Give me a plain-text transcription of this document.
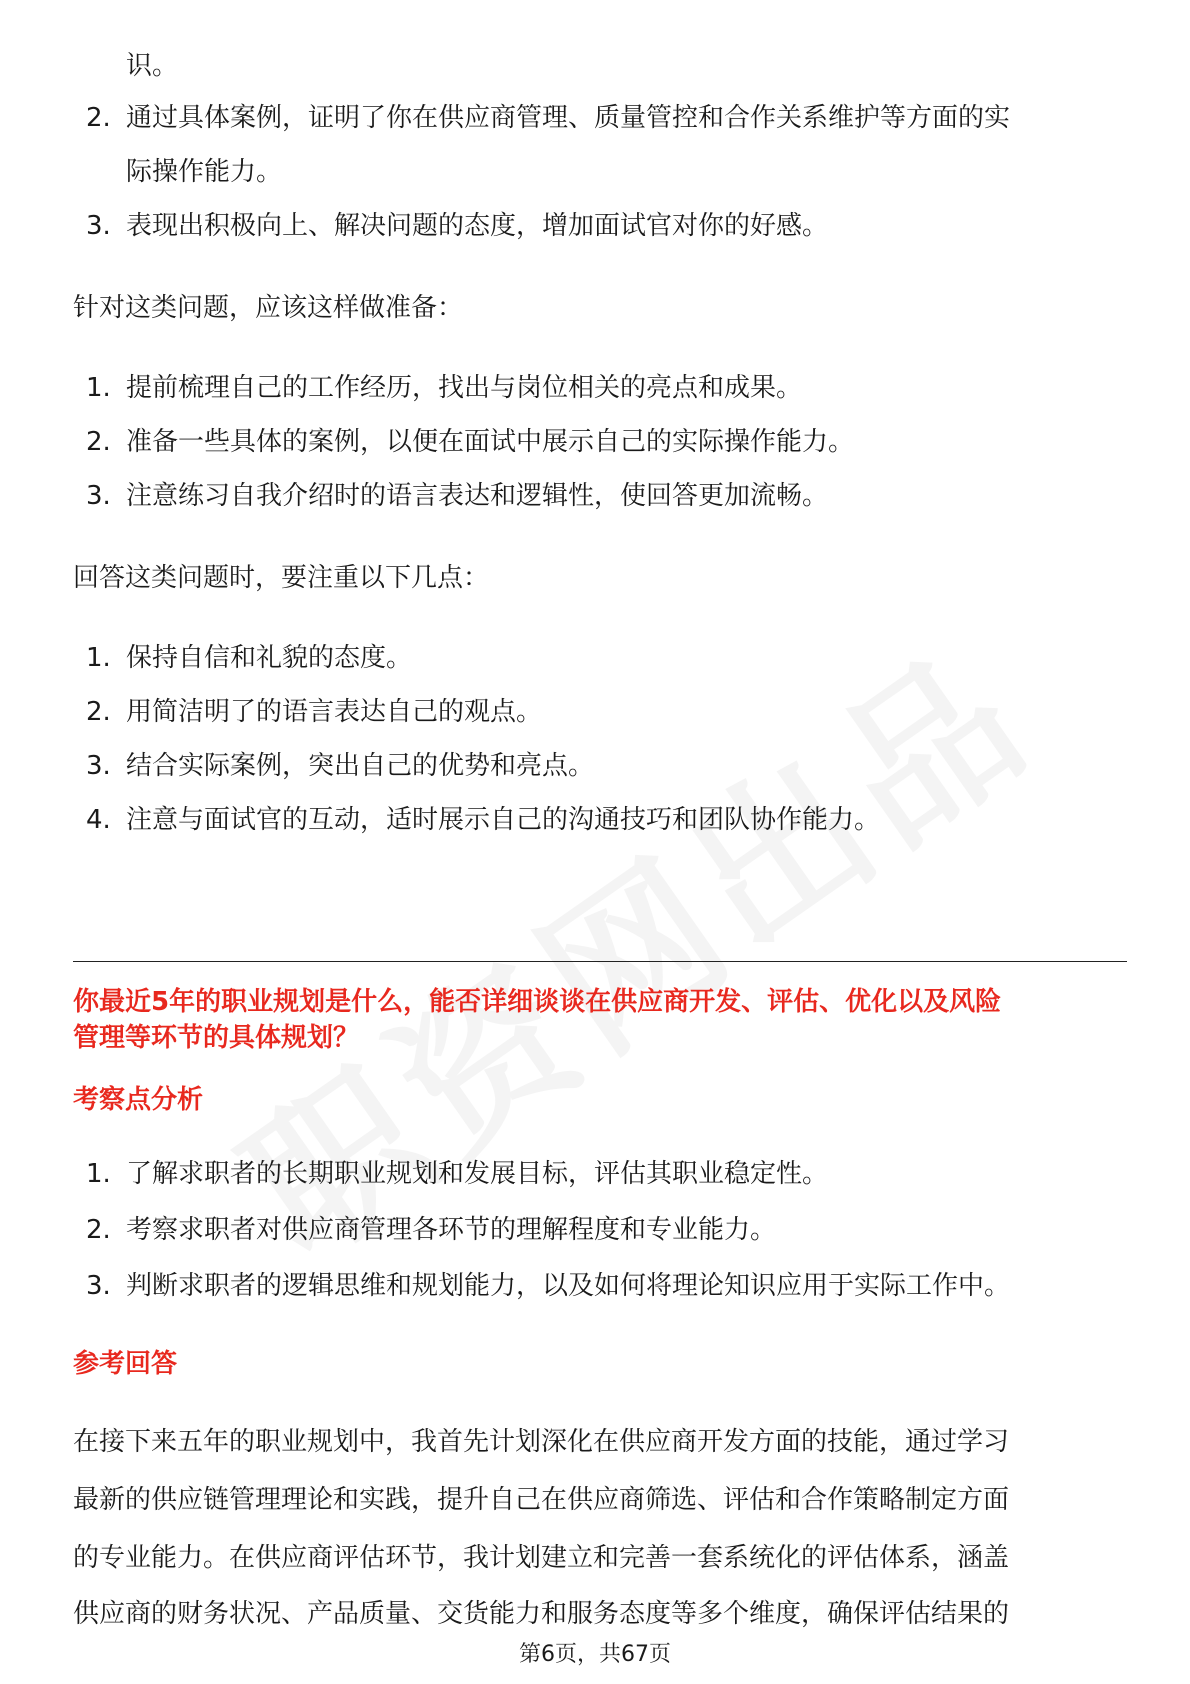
识。
2. 通过具体案例，证明了你在供应商管理、质量管控和合作关系维护等方面的实
际操作能力。
3. 表现出积极向上、解决问题的态度，增加面试官对你的好感。
针对这类问题，应该这样做准备：
1. 提前梳理自己的工作经历，找出与岗位相关的亮点和成果。
2. 准备一些具体的案例，以便在面试中展示自己的实际操作能力。
3. 注意练习自我介绍时的语言表达和逻辑性，使回答更加流畅。
回答这类问题时，要注重以下几点：
1. 保持自信和礼貌的态度。
2. 用简洁明了的语言表达自己的观点。
3. 结合实际案例，突出自己的优势和亮点。
4. 注意与面试官的互动，适时展示自己的沟通技巧和团队协作能力。
你最近5年的职业规划是什么，能否详细谈谈在供应商开发、评估、优化以及风险
管理等环节的具体规划？
考察点分析
1. 了解求职者的长期职业规划和发展目标，评估其职业稳定性。
2. 考察求职者对供应商管理各环节的理解程度和专业能力。
3. 判断求职者的逻辑思维和规划能力，以及如何将理论知识应用于实际工作中。
参考回答
在接下来五年的职业规划中，我首先计划深化在供应商开发方面的技能，通过学习
最新的供应链管理理论和实践，提升自己在供应商筛选、评估和合作策略制定方面
的专业能力。在供应商评估环节，我计划建立和完善一套系统化的评估体系，涵盖
供应商的财务状况、产品质量、交货能力和服务态度等多个维度，确保评估结果的
第6页，共67页
